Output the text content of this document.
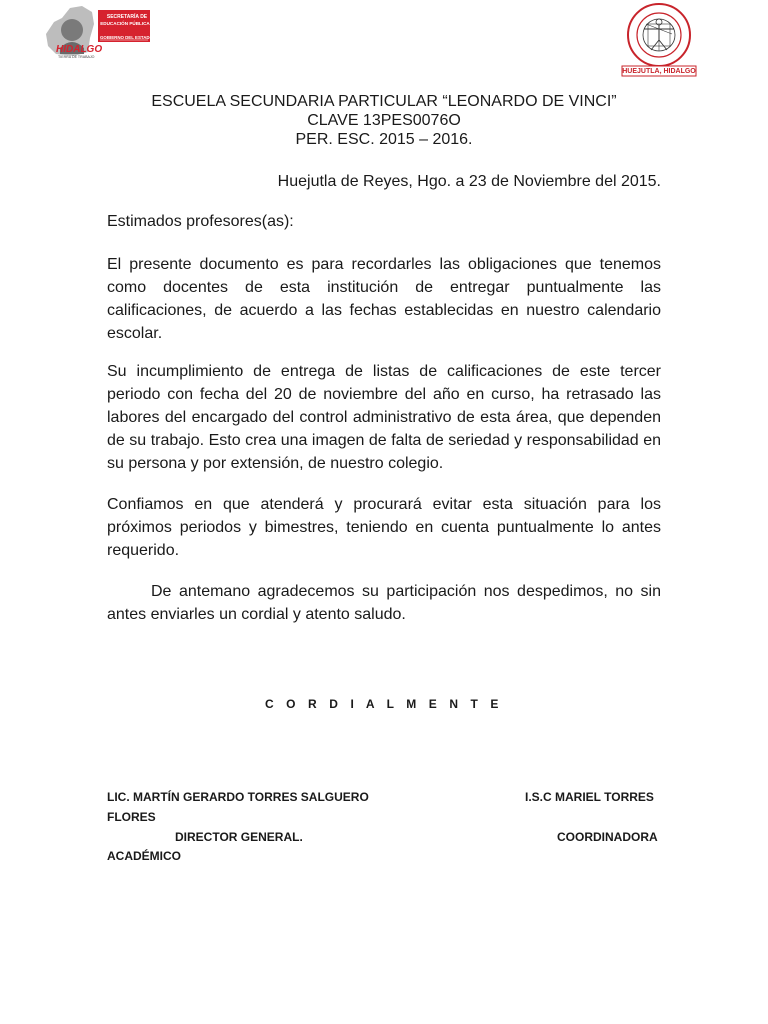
SECRETARÍA DE
EDUCACIÓN PÚBLICA
GOBIERNO DEL ESTADO
HIDALGO
TIERRA DE TRABAJO
HUEJUTLA, HIDALGO
ESCUELA SECUNDARIA PARTICULAR “LEONARDO DE VINCI”
CLAVE 13PES0076O
PER. ESC. 2015 – 2016.
Huejutla de Reyes, Hgo. a 23 de Noviembre del 2015.
Estimados profesores(as):
El presente documento es para recordarles las obligaciones que tenemos como docentes de esta institución de entregar puntualmente las calificaciones, de acuerdo a las fechas establecidas en nuestro calendario escolar.
Su incumplimiento de entrega de listas de calificaciones de este tercer periodo con fecha del 20 de noviembre del año en curso, ha retrasado las labores del encargado del control administrativo de esta área, que dependen de su trabajo. Esto crea una imagen de falta de seriedad y responsabilidad en su persona y por extensión, de nuestro colegio.
Confiamos en que atenderá y procurará evitar esta situación para los próximos periodos y bimestres, teniendo en cuenta puntualmente lo antes requerido.
De antemano agradecemos su participación nos despedimos, no sin antes enviarles un cordial y atento saludo.
C O R D I A L M E N T E
LIC. MARTÍN GERARDO TORRES SALGUERO	I.S.C MARIEL TORRES
FLORES
DIRECTOR GENERAL.	COORDINADORA
ACADÉMICO
